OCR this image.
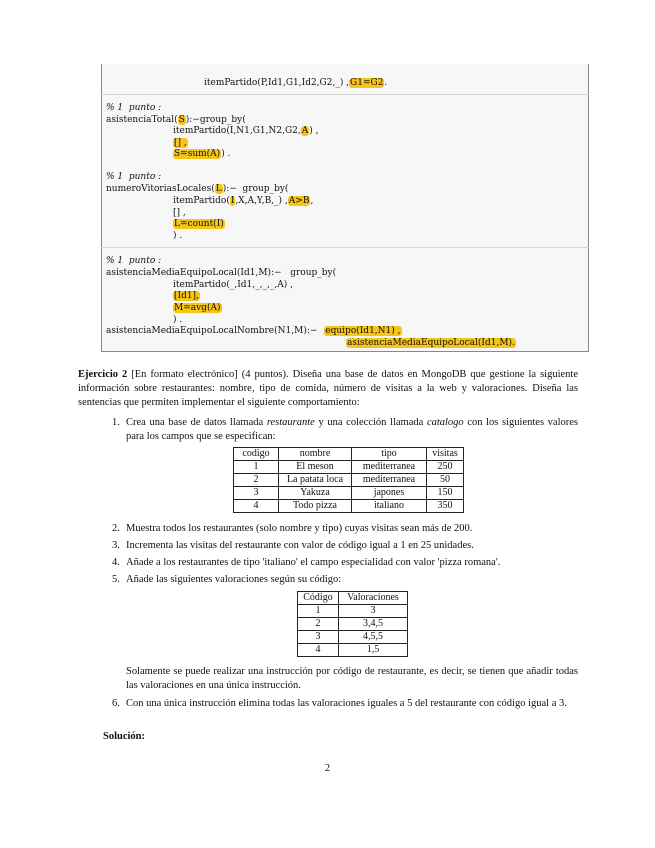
itemPartido(P,Id1,G1,Id2,G2,_) ,G1=G2.
% 1  punto :
asistenciaTotal(S):−group_by(
itemPartido(I,N1,G1,N2,G2,A) ,
[] ,
S=sum(A)) .
% 1  punto :
numeroVitoriasLocales(L):−  group_by(
itemPartido(I,X,A,Y,B,_) ,A>B,
[] ,
L=count(I)
) .
% 1  punto :
asistenciaMediaEquipoLocal(Id1,M):−   group_by(
itemPartido(_,Id1,_,_,_,A) ,
[Id1],
M=avg(A)
) .
asistenciaMediaEquipoLocalNombre(N1,M):− equipo(Id1,N1) ,
asistenciaMediaEquipoLocal(Id1,M).
Ejercicio 2 [En formato electrónico] (4 puntos). Diseña una base de datos en MongoDB que gestione la siguiente información sobre restaurantes: nombre, tipo de comida, número de visitas a la web y valoraciones. Diseña las sentencias que permiten implementar el siguiente comportamiento:
1. Crea una base de datos llamada restaurante y una colección llamada catalogo con los siguientes valores para los campos que se especifican:
codigo	nombre	tipo	visitas
1	El meson	mediterranea	250
2	La patata loca	mediterranea	50
3	Yakuza	japones	150
4	Todo pizza	italiano	350
2. Muestra todos los restaurantes (solo nombre y tipo) cuyas visitas sean más de 200.
3. Incrementa las visitas del restaurante con valor de código igual a 1 en 25 unidades.
4. Añade a los restaurantes de tipo 'italiano' el campo especialidad con valor 'pizza romana'.
5. Añade las siguientes valoraciones según su código:
Código	Valoraciones
1	3
2	3,4,5
3	4,5,5
4	1,5
Solamente se puede realizar una instrucción por código de restaurante, es decir, se tienen que añadir todas las valoraciones en una única instrucción.
6. Con una única instrucción elimina todas las valoraciones iguales a 5 del restaurante con código igual a 3.
Solución:
2
